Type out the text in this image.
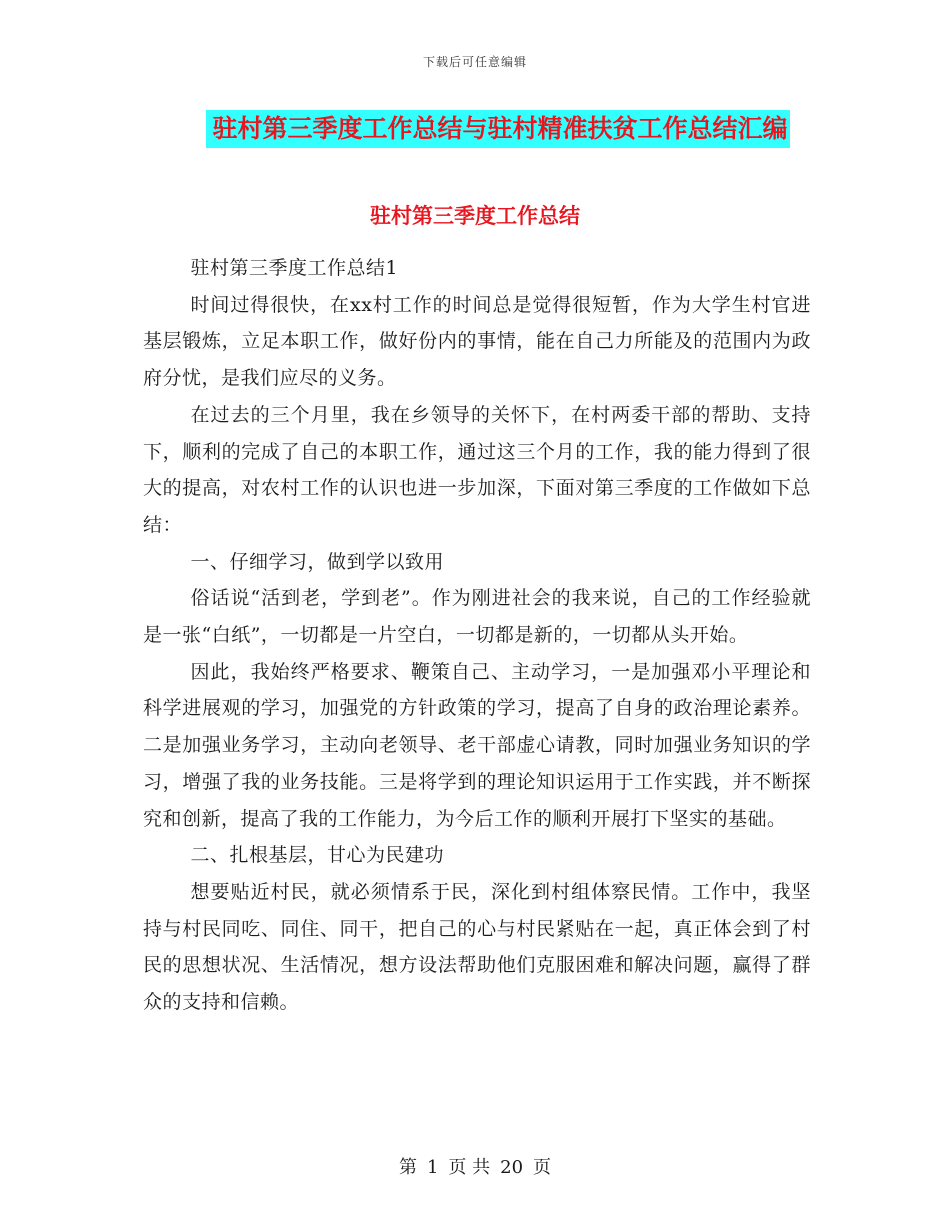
下载后可任意编辑
驻村第三季度工作总结与驻村精准扶贫工作总结汇编
驻村第三季度工作总结

驻村第三季度工作总结1

时间过得很快，在xx村工作的时间总是觉得很短暂，作为大学生村官进基层锻炼，立足本职工作，做好份内的事情，能在自己力所能及的范围内为政府分忧，是我们应尽的义务。

在过去的三个月里，我在乡领导的关怀下，在村两委干部的帮助、支持下，顺利的完成了自己的本职工作，通过这三个月的工作，我的能力得到了很大的提高，对农村工作的认识也进一步加深，下面对第三季度的工作做如下总结：

一、仔细学习，做到学以致用

俗话说“活到老，学到老”。作为刚进社会的我来说，自己的工作经验就是一张“白纸”，一切都是一片空白，一切都是新的，一切都从头开始。

因此，我始终严格要求、鞭策自己、主动学习，一是加强邓小平理论和科学进展观的学习，加强党的方针政策的学习，提高了自身的政治理论素养。二是加强业务学习，主动向老领导、老干部虚心请教，同时加强业务知识的学习，增强了我的业务技能。三是将学到的理论知识运用于工作实践，并不断探究和创新，提高了我的工作能力，为今后工作的顺利开展打下坚实的基础。

二、扎根基层，甘心为民建功

想要贴近村民，就必须情系于民，深化到村组体察民情。工作中，我坚持与村民同吃、同住、同干，把自己的心与村民紧贴在一起，真正体会到了村民的思想状况、生活情况，想方设法帮助他们克服困难和解决问题，赢得了群众的支持和信赖。

第 1 页 共 20 页
